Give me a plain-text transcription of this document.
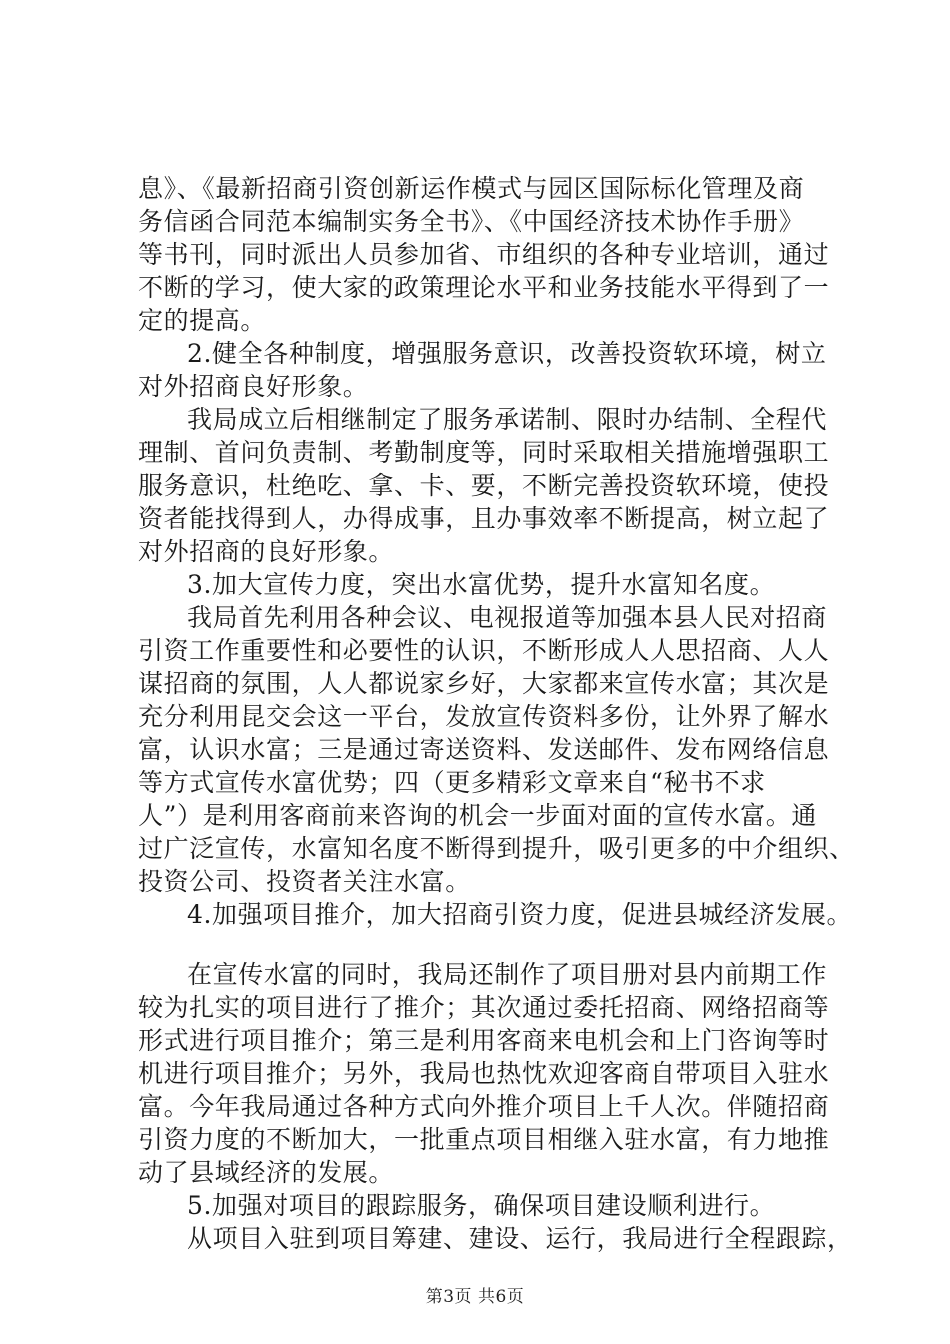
息》、《最新招商引资创新运作模式与园区国际标化管理及商
务信函合同范本编制实务全书》、《中国经济技术协作手册》
等书刊，同时派出人员参加省、市组织的各种专业培训，通过
不断的学习，使大家的政策理论水平和业务技能水平得到了一
定的提高。
2.健全各种制度，增强服务意识，改善投资软环境，树立
对外招商良好形象。
我局成立后相继制定了服务承诺制、限时办结制、全程代
理制、首问负责制、考勤制度等，同时采取相关措施增强职工
服务意识，杜绝吃、拿、卡、要，不断完善投资软环境，使投
资者能找得到人，办得成事，且办事效率不断提高，树立起了
对外招商的良好形象。
3.加大宣传力度，突出水富优势，提升水富知名度。
我局首先利用各种会议、电视报道等加强本县人民对招商
引资工作重要性和必要性的认识，不断形成人人思招商、人人
谋招商的氛围，人人都说家乡好，大家都来宣传水富；其次是
充分利用昆交会这一平台，发放宣传资料多份，让外界了解水
富，认识水富；三是通过寄送资料、发送邮件、发布网络信息
等方式宣传水富优势；四（更多精彩文章来自“秘书不求
人”）是利用客商前来咨询的机会一步面对面的宣传水富。通
过广泛宣传，水富知名度不断得到提升，吸引更多的中介组织、
投资公司、投资者关注水富。
4.加强项目推介，加大招商引资力度，促进县城经济发展。
在宣传水富的同时，我局还制作了项目册对县内前期工作
较为扎实的项目进行了推介；其次通过委托招商、网络招商等
形式进行项目推介；第三是利用客商来电机会和上门咨询等时
机进行项目推介；另外，我局也热忱欢迎客商自带项目入驻水
富。今年我局通过各种方式向外推介项目上千人次。伴随招商
引资力度的不断加大，一批重点项目相继入驻水富，有力地推
动了县域经济的发展。
5.加强对项目的跟踪服务，确保项目建设顺利进行。
从项目入驻到项目筹建、建设、运行，我局进行全程跟踪，
第3页 共6页
